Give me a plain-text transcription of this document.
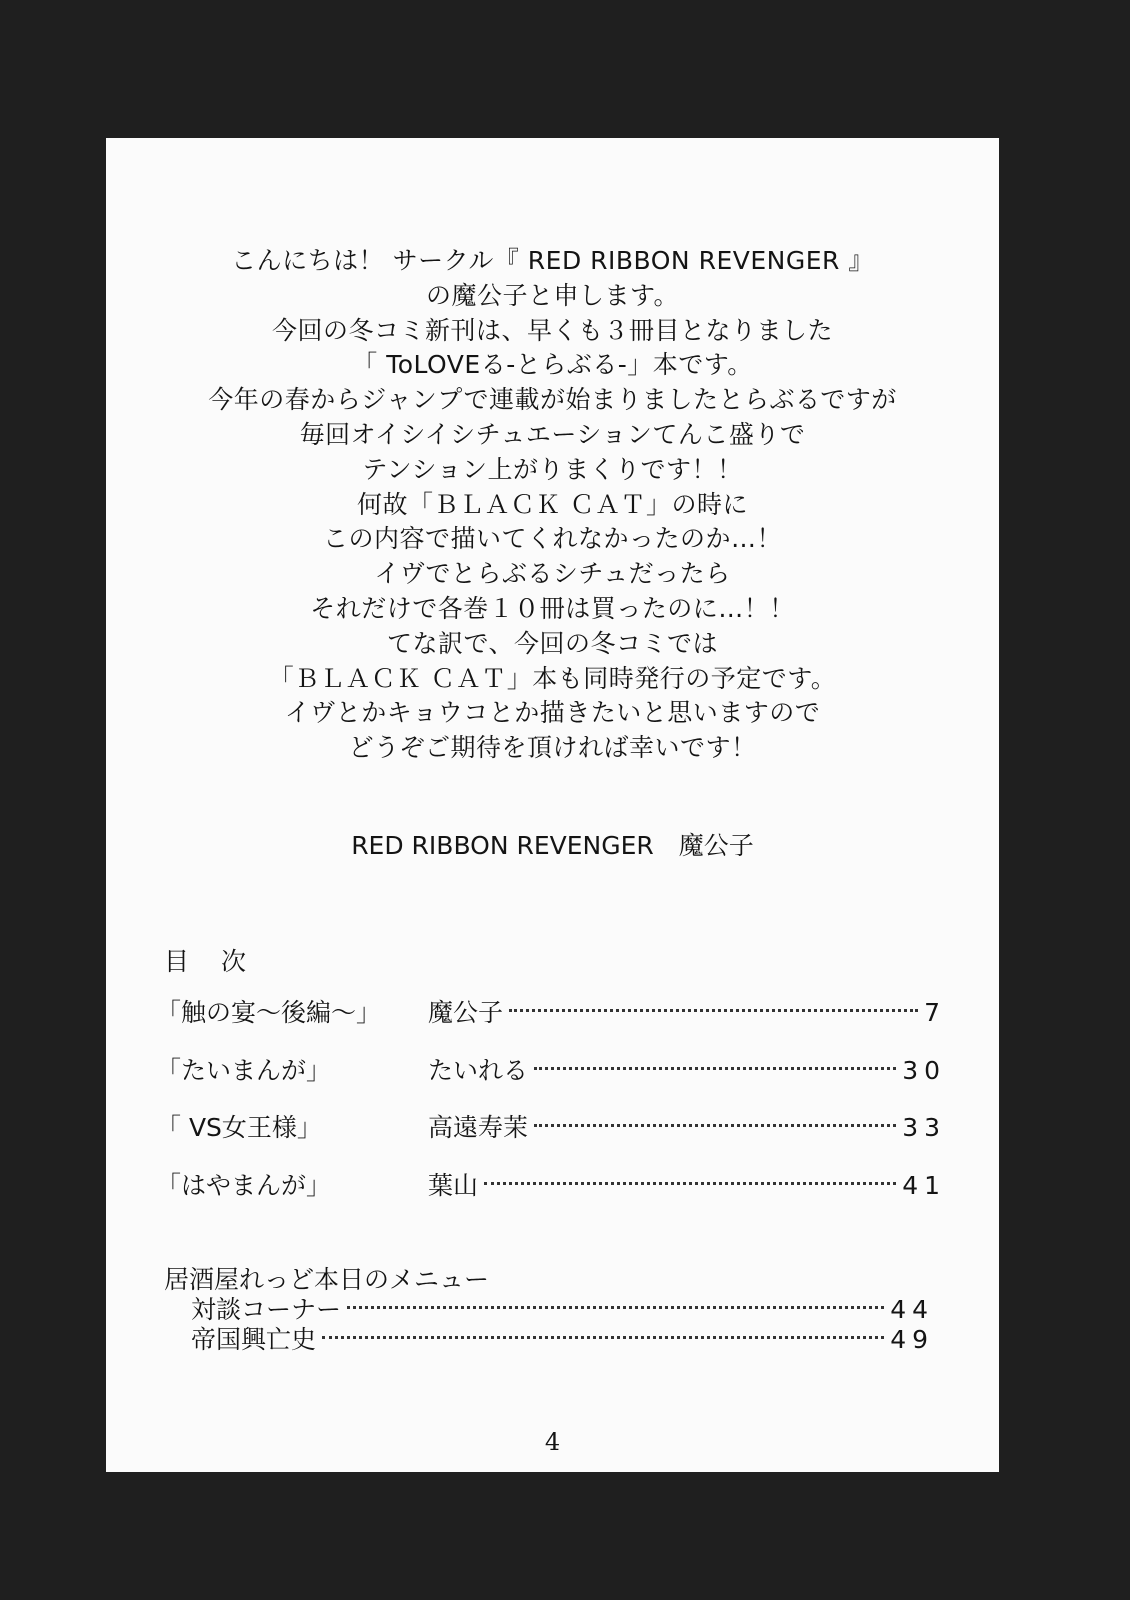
こんにちは！ サークル『 RED RIBBON REVENGER 』
の魔公子と申します。
今回の冬コミ新刊は、早くも３冊目となりました
「 ToLOVEる-とらぶる-」本です。
今年の春からジャンプで連載が始まりましたとらぶるですが
毎回オイシイシチュエーションてんこ盛りで
テンション上がりまくりです！！
何故「ＢＬＡＣＫ ＣＡＴ」の時に
この内容で描いてくれなかったのか…！
イヴでとらぶるシチュだったら
それだけで各巻１０冊は買ったのに…！！
てな訳で、今回の冬コミでは
「ＢＬＡＣＫ ＣＡＴ」本も同時発行の予定です。
イヴとかキョウコとか描きたいと思いますので
どうぞご期待を頂ければ幸いです！
RED RIBBON REVENGER　魔公子
目 次
「触の宴～後編～」 魔公子	7
「たいまんが」	たいれる	30
「 VS女王様」	高遠寿茉	33
「はやまんが」	葉山	41
居酒屋れっど本日のメニュー
対談コーナー	44
帝国興亡史	49
4
